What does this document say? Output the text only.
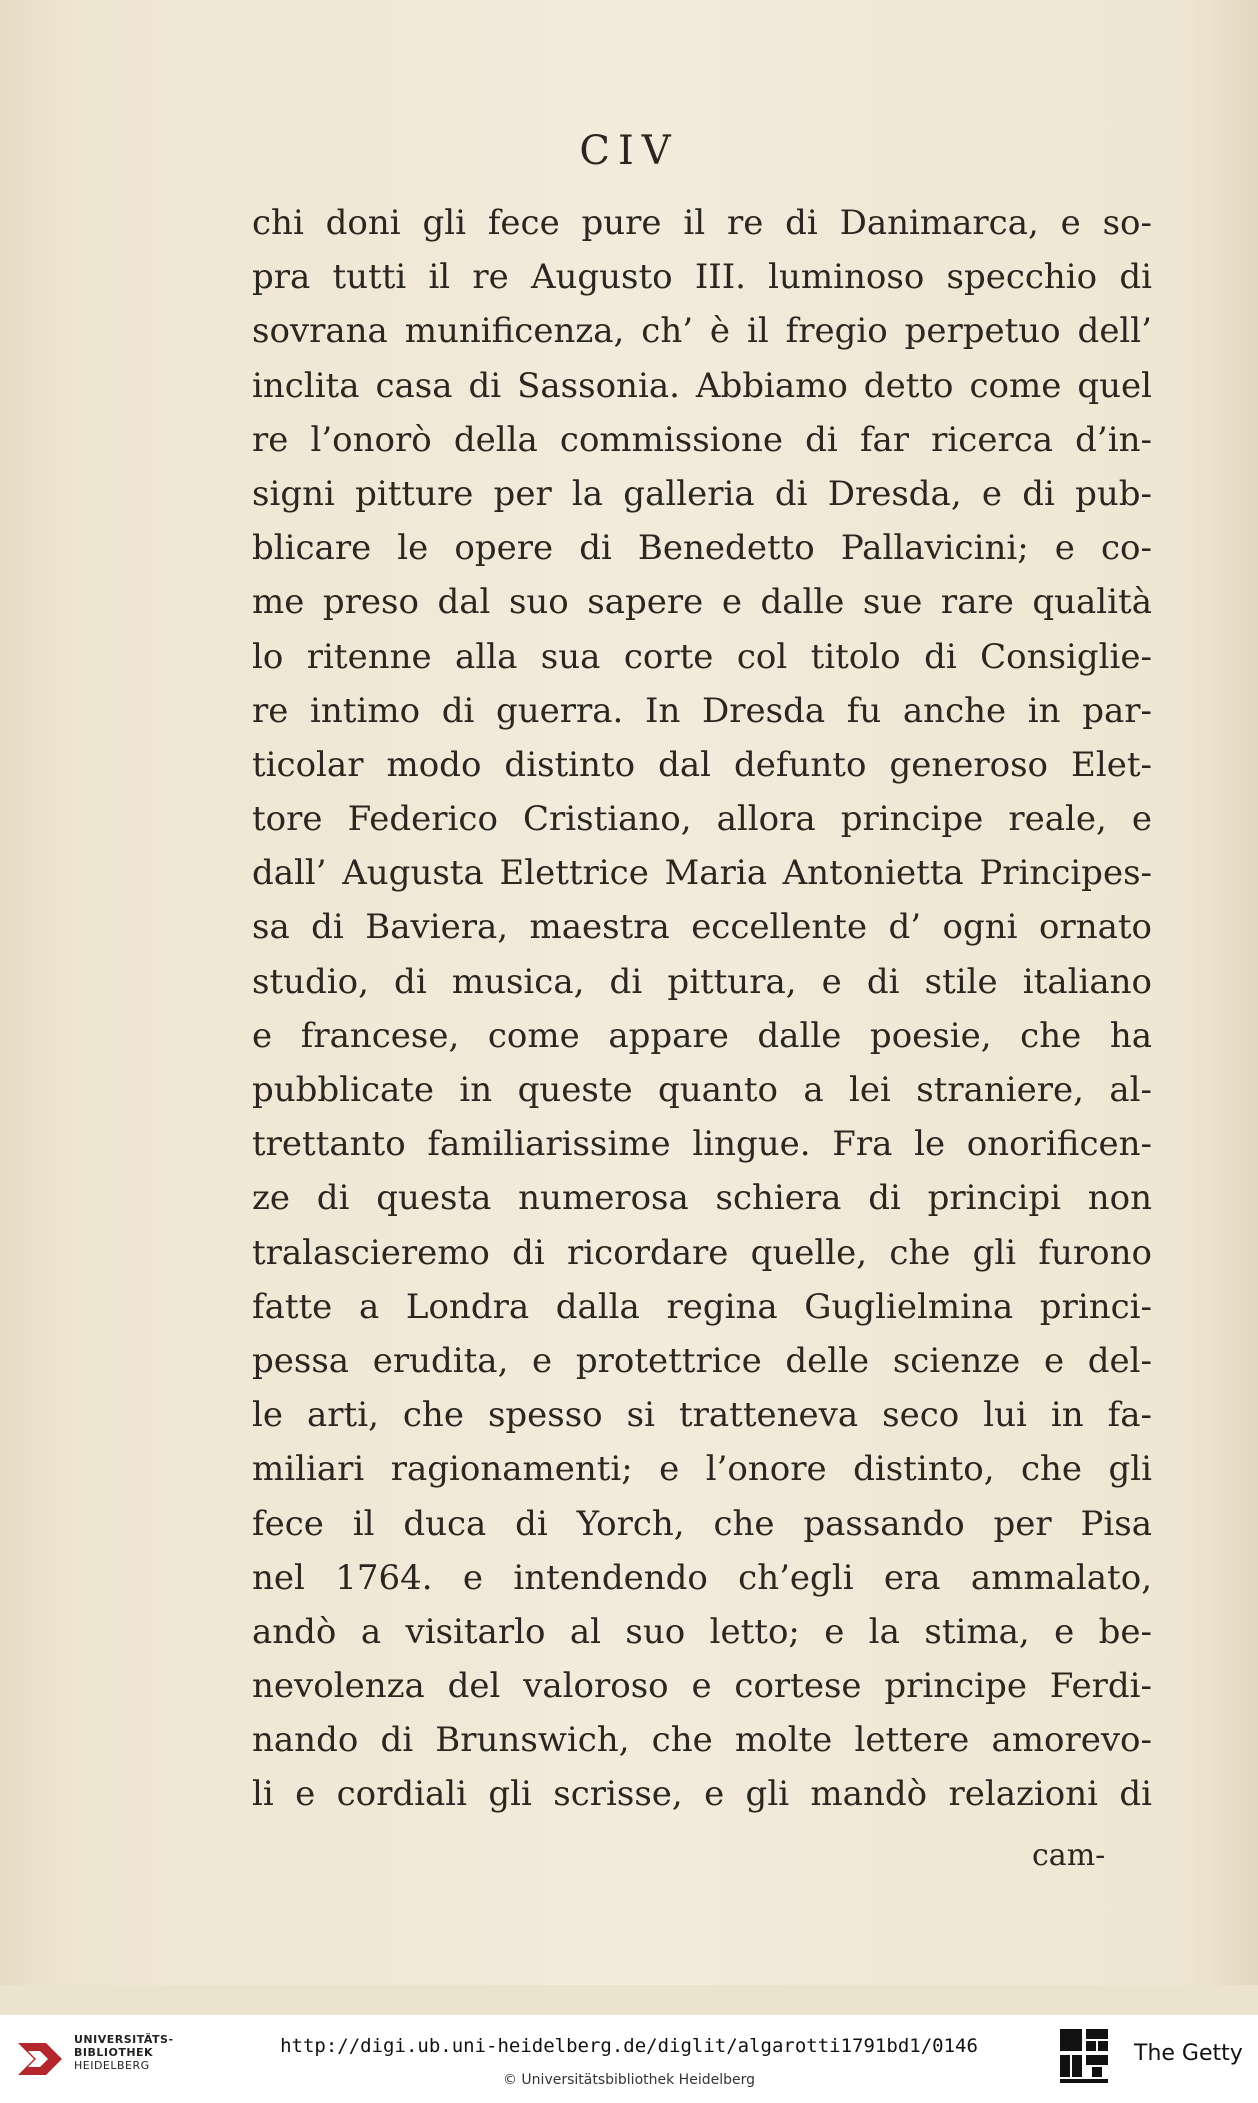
CIV
chi doni gli fece pure il re di Danimarca, e so-
pra tutti il re Augusto III. luminoso specchio di
sovrana munificenza, ch’ è il fregio perpetuo dell’
inclita casa di Sassonia. Abbiamo detto come quel
re l’onorò della commissione di far ricerca d’in-
signi pitture per la galleria di Dresda, e di pub-
blicare le opere di Benedetto Pallavicini; e co-
me preso dal suo sapere e dalle sue rare qualità
lo ritenne alla sua corte col titolo di Consiglie-
re intimo di guerra. In Dresda fu anche in par-
ticolar modo distinto dal defunto generoso Elet-
tore Federico Cristiano, allora principe reale, e
dall’ Augusta Elettrice Maria Antonietta Principes-
sa di Baviera, maestra eccellente d’ ogni ornato
studio, di musica, di pittura, e di stile italiano
e francese, come appare dalle poesie, che ha
pubblicate in queste quanto a lei straniere, al-
trettanto familiarissime lingue. Fra le onorificen-
ze di questa numerosa schiera di principi non
tralascieremo di ricordare quelle, che gli furono
fatte a Londra dalla regina Guglielmina princi-
pessa erudita, e protettrice delle scienze e del-
le arti, che spesso si tratteneva seco lui in fa-
miliari ragionamenti; e l’onore distinto, che gli
fece il duca di Yorch, che passando per Pisa
nel 1764. e intendendo ch’egli era ammalato,
andò a visitarlo al suo letto; e la stima, e be-
nevolenza del valoroso e cortese principe Ferdi-
nando di Brunswich, che molte lettere amorevo-
li e cordiali gli scrisse, e gli mandò relazioni di
cam-
UNIVERSITÄTS-
BIBLIOTHEK
HEIDELBERG
http://digi.ub.uni-heidelberg.de/diglit/algarotti1791bd1/0146
© Universitätsbibliothek Heidelberg
The Getty
